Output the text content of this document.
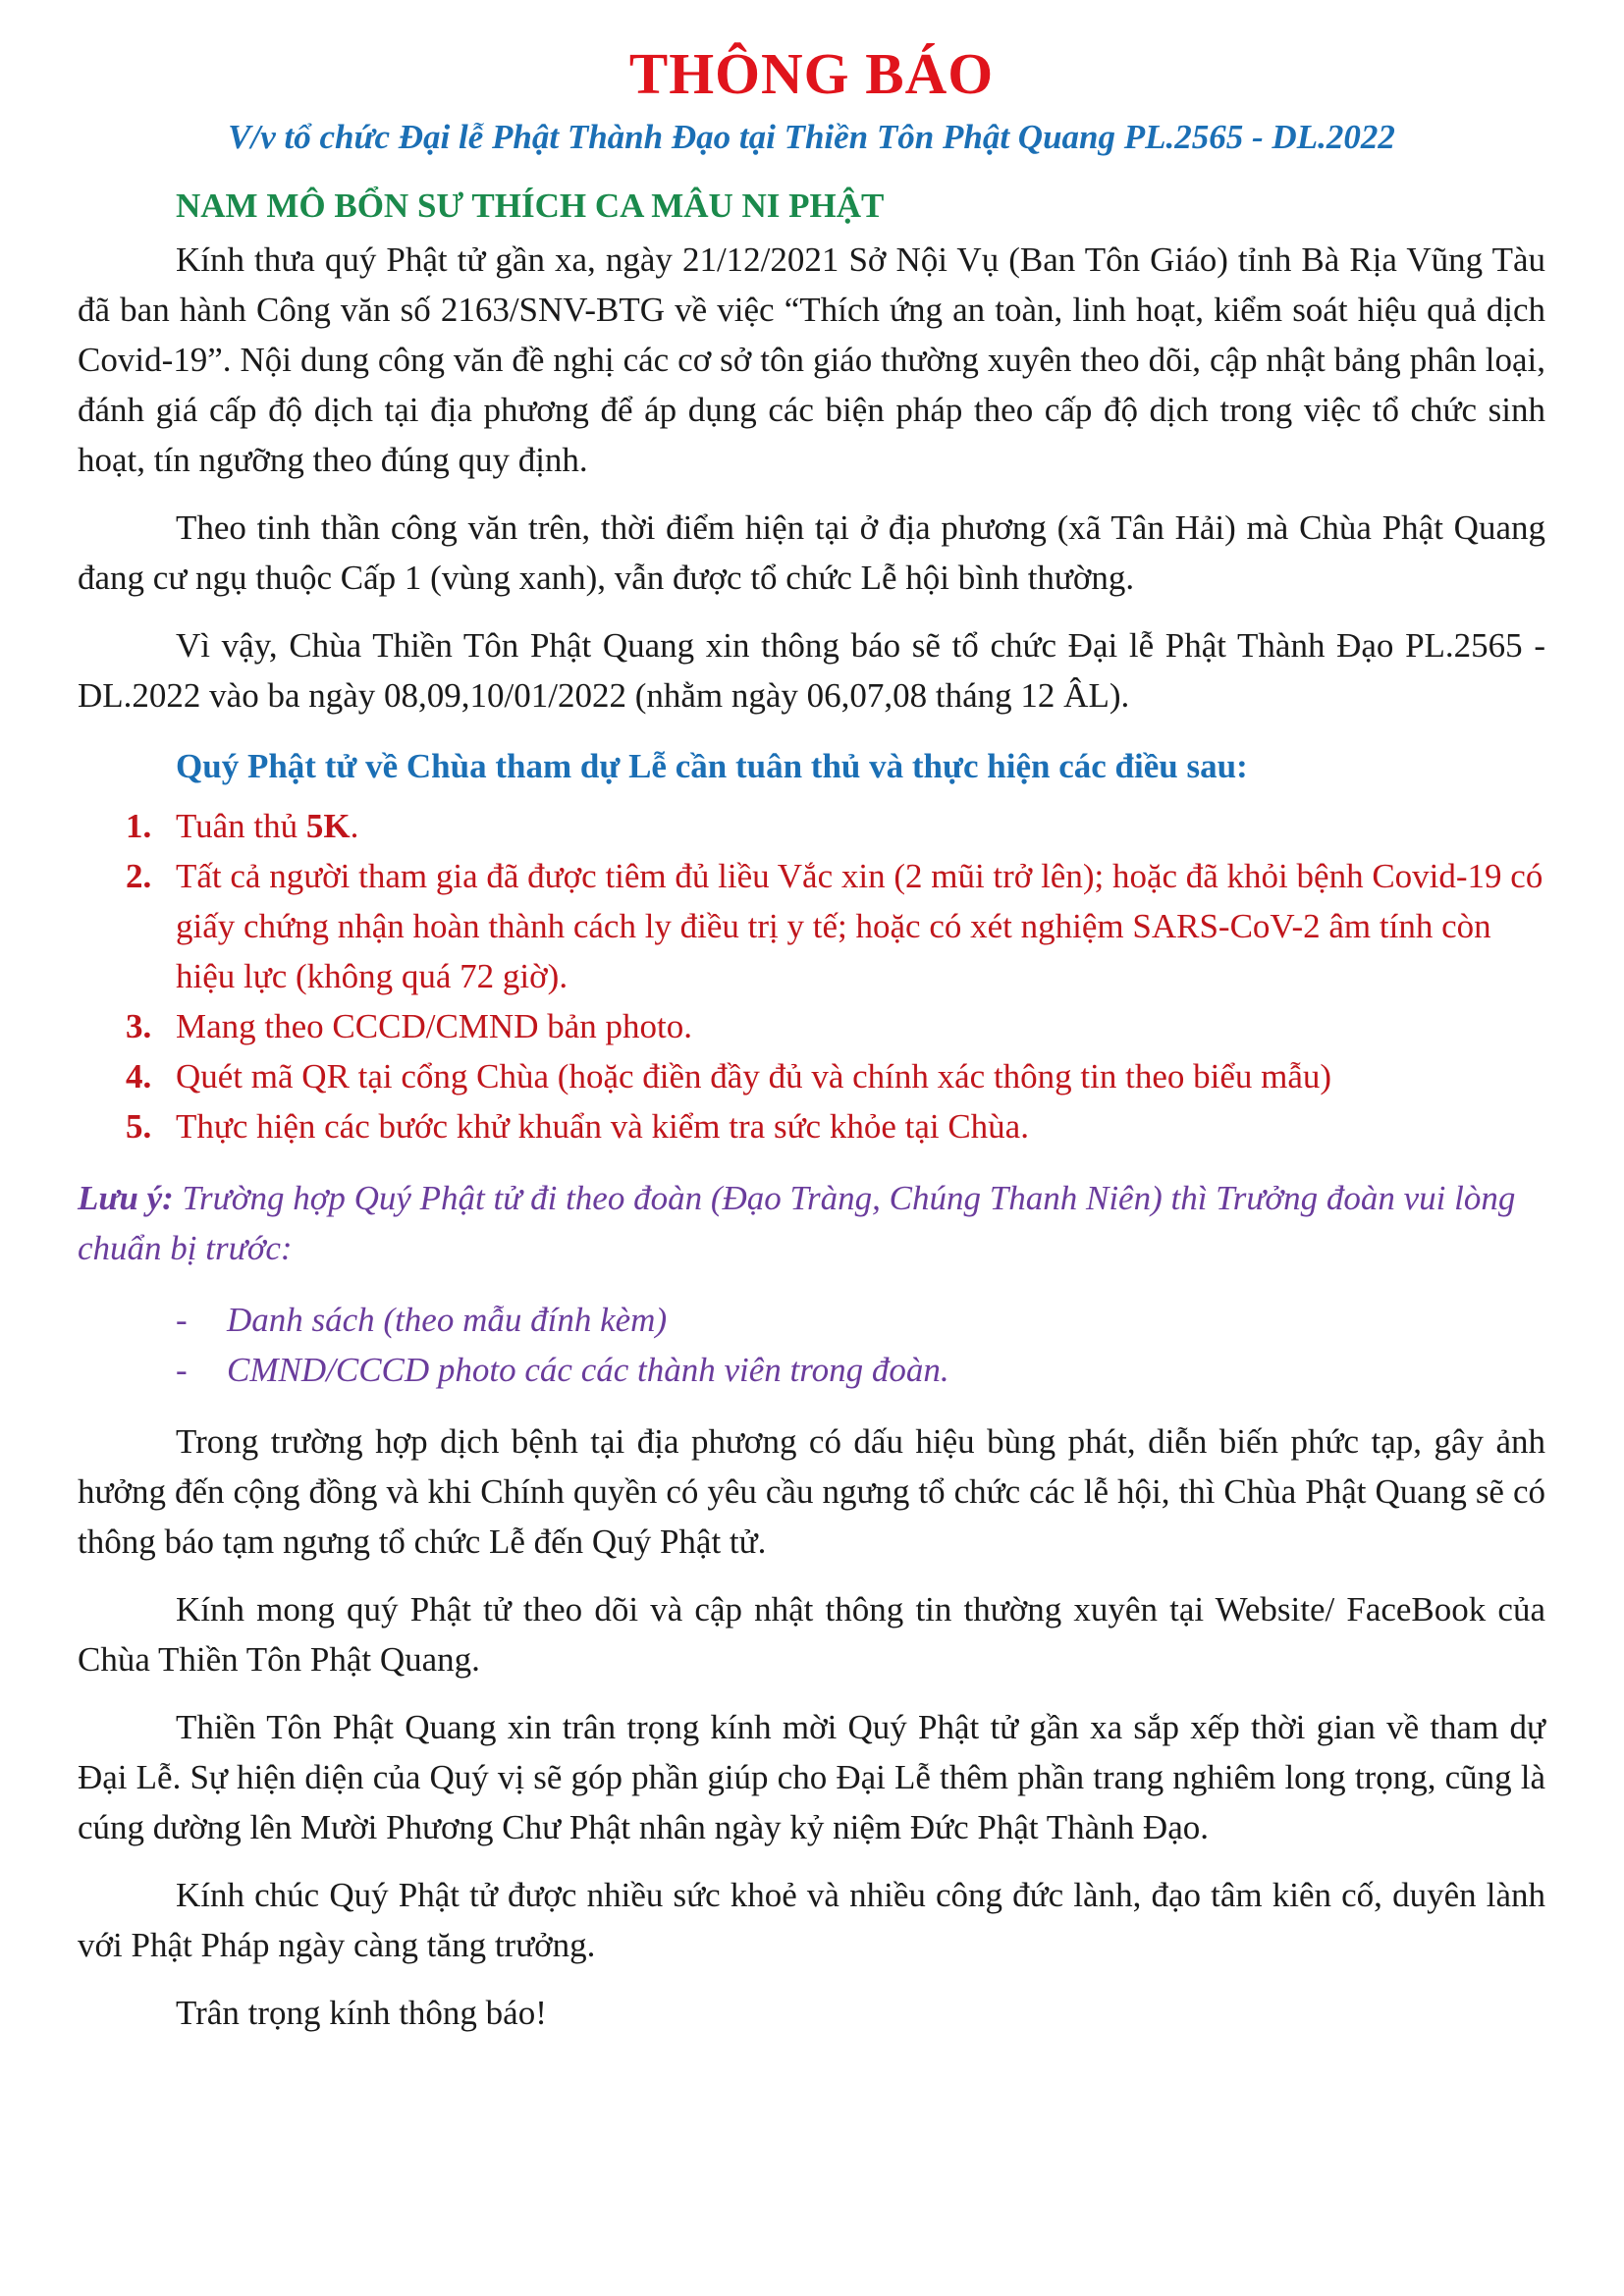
THÔNG BÁO

V/v tổ chức Đại lễ Phật Thành Đạo tại Thiền Tôn Phật Quang PL.2565 - DL.2022

NAM MÔ BỔN SƯ THÍCH CA MÂU NI PHẬT

Kính thưa quý Phật tử gần xa, ngày 21/12/2021 Sở Nội Vụ (Ban Tôn Giáo) tỉnh Bà Rịa Vũng Tàu đã ban hành Công văn số 2163/SNV-BTG về việc “Thích ứng an toàn, linh hoạt, kiểm soát hiệu quả dịch Covid-19”. Nội dung công văn đề nghị các cơ sở tôn giáo thường xuyên theo dõi, cập nhật bảng phân loại, đánh giá cấp độ dịch tại địa phương để áp dụng các biện pháp theo cấp độ dịch trong việc tổ chức sinh hoạt, tín ngưỡng theo đúng quy định.

Theo tinh thần công văn trên, thời điểm hiện tại ở địa phương (xã Tân Hải) mà Chùa Phật Quang đang cư ngụ thuộc Cấp 1 (vùng xanh), vẫn được tổ chức Lễ hội bình thường.

Vì vậy, Chùa Thiền Tôn Phật Quang xin thông báo sẽ tổ chức Đại lễ Phật Thành Đạo PL.2565 - DL.2022 vào ba ngày 08,09,10/01/2022 (nhằm ngày 06,07,08 tháng 12 ÂL).

Quý Phật tử về Chùa tham dự Lễ cần tuân thủ và thực hiện các điều sau:

1. Tuân thủ 5K.
2. Tất cả người tham gia đã được tiêm đủ liều Vắc xin (2 mũi trở lên); hoặc đã khỏi bệnh Covid-19 có giấy chứng nhận hoàn thành cách ly điều trị y tế; hoặc có xét nghiệm SARS-CoV-2 âm tính còn hiệu lực (không quá 72 giờ).
3. Mang theo CCCD/CMND bản photo.
4. Quét mã QR tại cổng Chùa (hoặc điền đầy đủ và chính xác thông tin theo biểu mẫu)
5. Thực hiện các bước khử khuẩn và kiểm tra sức khỏe tại Chùa.

Lưu ý: Trường hợp Quý Phật tử đi theo đoàn (Đạo Tràng, Chúng Thanh Niên) thì Trưởng đoàn vui lòng chuẩn bị trước:

- Danh sách (theo mẫu đính kèm)
- CMND/CCCD photo các các thành viên trong đoàn.

Trong trường hợp dịch bệnh tại địa phương có dấu hiệu bùng phát, diễn biến phức tạp, gây ảnh hưởng đến cộng đồng và khi Chính quyền có yêu cầu ngưng tổ chức các lễ hội, thì Chùa Phật Quang sẽ có thông báo tạm ngưng tổ chức Lễ đến Quý Phật tử.

Kính mong quý Phật tử theo dõi và cập nhật thông tin thường xuyên tại Website/ FaceBook của Chùa Thiền Tôn Phật Quang.

Thiền Tôn Phật Quang xin trân trọng kính mời Quý Phật tử gần xa sắp xếp thời gian về tham dự Đại Lễ. Sự hiện diện của Quý vị sẽ góp phần giúp cho Đại Lễ thêm phần trang nghiêm long trọng, cũng là cúng dường lên Mười Phương Chư Phật nhân ngày kỷ niệm Đức Phật Thành Đạo.

Kính chúc Quý Phật tử được nhiều sức khoẻ và nhiều công đức lành, đạo tâm kiên cố, duyên lành với Phật Pháp ngày càng tăng trưởng.

Trân trọng kính thông báo!
